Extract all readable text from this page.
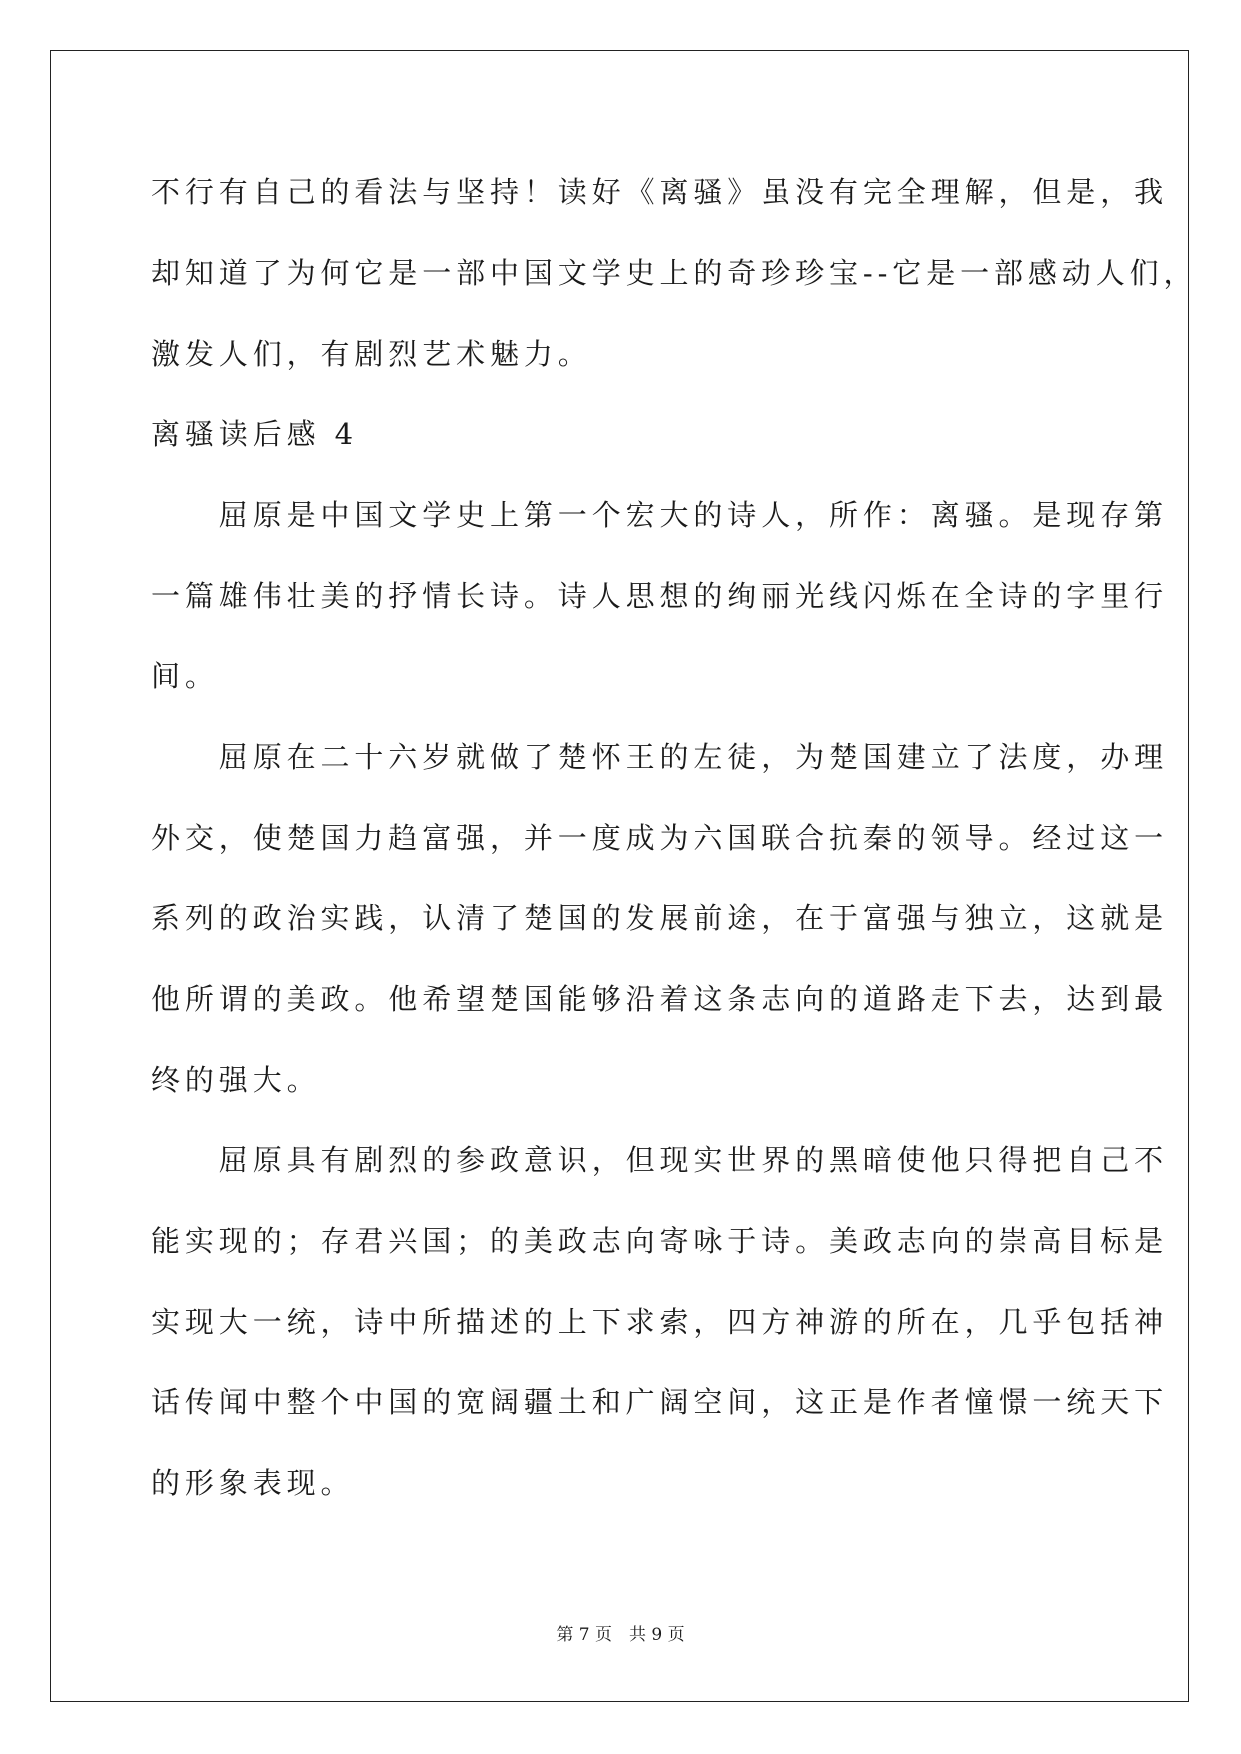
不行有自己的看法与坚持！读好《离骚》虽没有完全理解，但是，我
却知道了为何它是一部中国文学史上的奇珍珍宝--它是一部感动人们，
激发人们，有剧烈艺术魅力。
离骚读后感 4
　　屈原是中国文学史上第一个宏大的诗人，所作：离骚。是现存第
一篇雄伟壮美的抒情长诗。诗人思想的绚丽光线闪烁在全诗的字里行
间。
　　屈原在二十六岁就做了楚怀王的左徒，为楚国建立了法度，办理
外交，使楚国力趋富强，并一度成为六国联合抗秦的领导。经过这一
系列的政治实践，认清了楚国的发展前途，在于富强与独立，这就是
他所谓的美政。他希望楚国能够沿着这条志向的道路走下去，达到最
终的强大。
　　屈原具有剧烈的参政意识，但现实世界的黑暗使他只得把自己不
能实现的；存君兴国；的美政志向寄咏于诗。美政志向的崇高目标是
实现大一统，诗中所描述的上下求索，四方神游的所在，几乎包括神
话传闻中整个中国的宽阔疆土和广阔空间，这正是作者憧憬一统天下
的形象表现。
第 7 页　共 9 页
